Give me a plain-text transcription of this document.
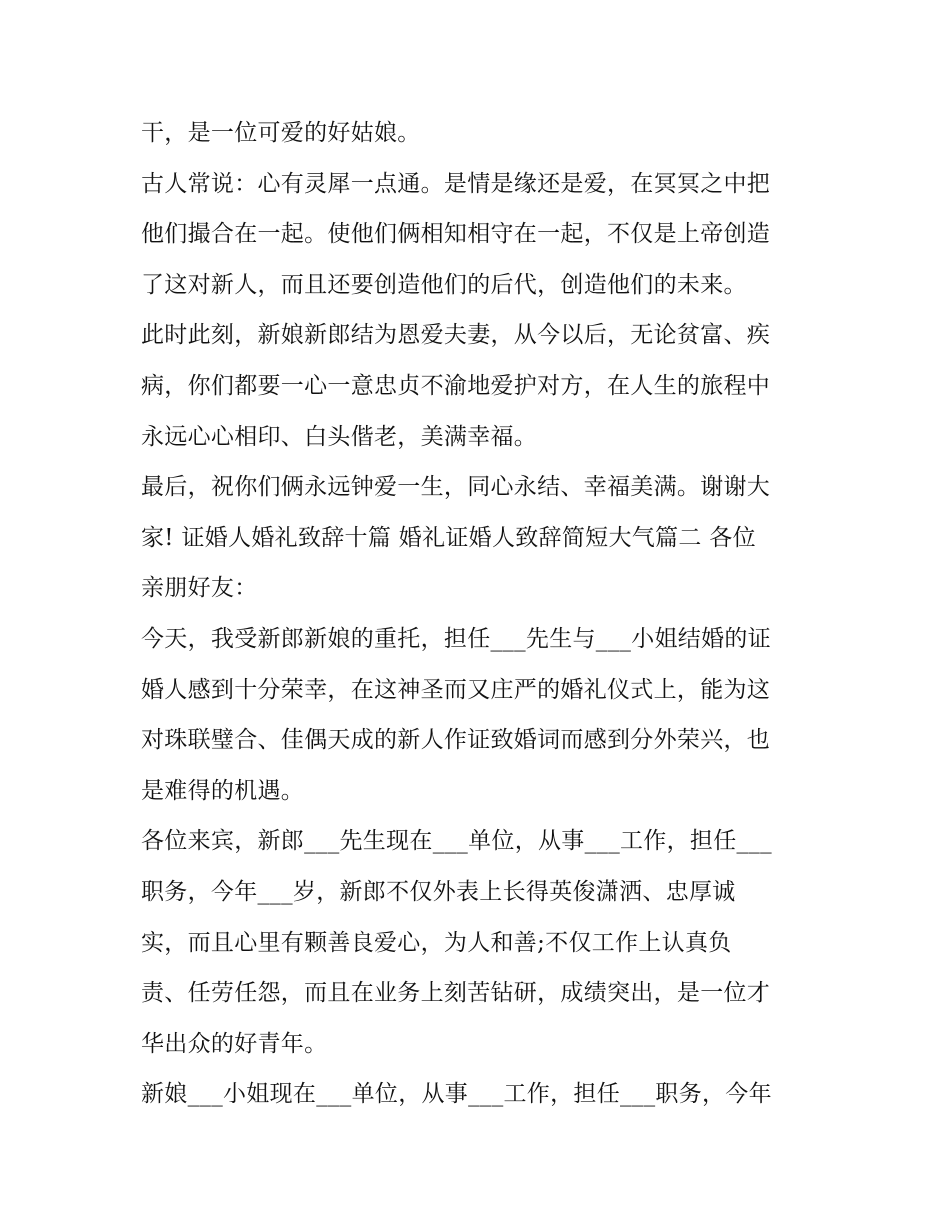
干，是一位可爱的好姑娘。
古人常说：心有灵犀一点通。是情是缘还是爱，在冥冥之中把
他们撮合在一起。使他们俩相知相守在一起，不仅是上帝创造
了这对新人，而且还要创造他们的后代，创造他们的未来。
此时此刻，新娘新郎结为恩爱夫妻，从今以后，无论贫富、疾
病，你们都要一心一意忠贞不渝地爱护对方，在人生的旅程中
永远心心相印、白头偕老，美满幸福。
最后，祝你们俩永远钟爱一生，同心永结、幸福美满。谢谢大
家! 证婚人婚礼致辞十篇 婚礼证婚人致辞简短大气篇二 各位
亲朋好友：
今天，我受新郎新娘的重托，担任___先生与___小姐结婚的证
婚人感到十分荣幸，在这神圣而又庄严的婚礼仪式上，能为这
对珠联璧合、佳偶天成的新人作证致婚词而感到分外荣兴，也
是难得的机遇。
各位来宾，新郎___先生现在___单位，从事___工作，担任___
职务，今年___岁，新郎不仅外表上长得英俊潇洒、忠厚诚
实，而且心里有颗善良爱心，为人和善;不仅工作上认真负
责、任劳任怨，而且在业务上刻苦钻研，成绩突出，是一位才
华出众的好青年。
新娘___小姐现在___单位，从事___工作，担任___职务，今年
